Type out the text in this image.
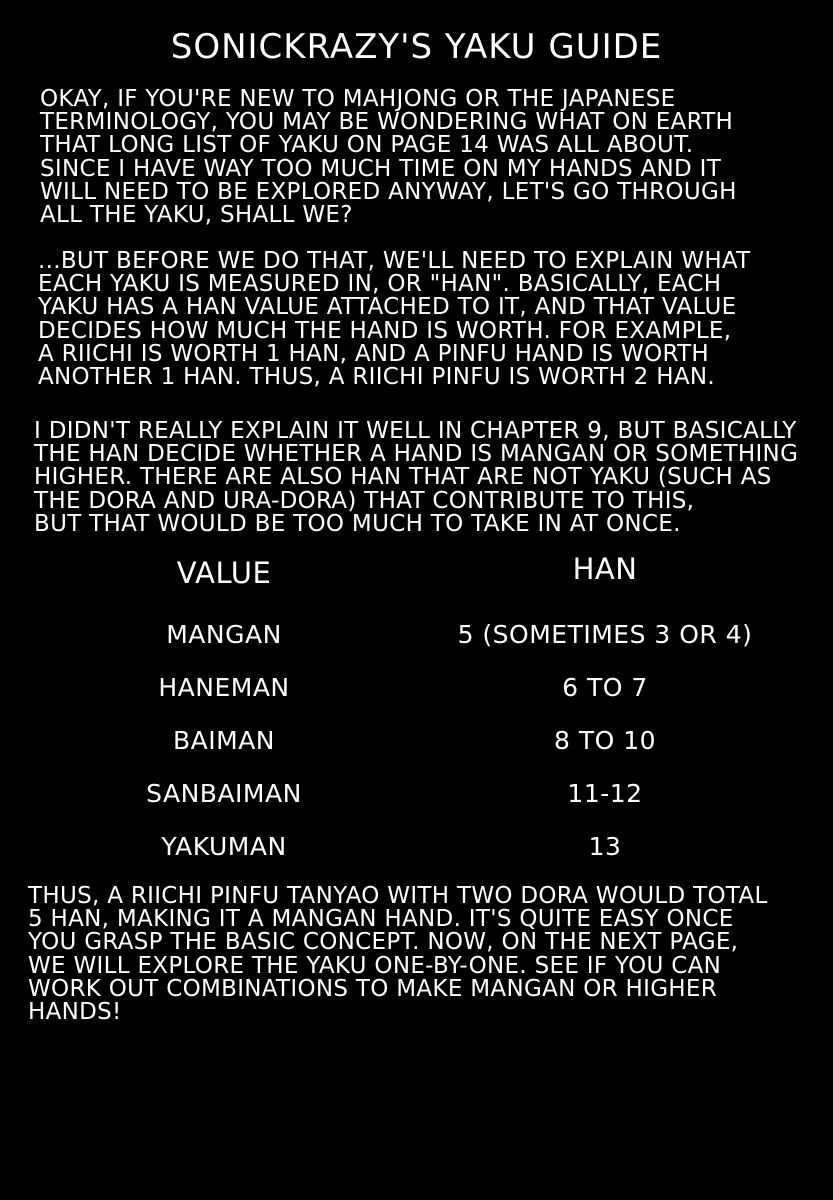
SONICKRAZY'S YAKU GUIDE

OKAY, IF YOU'RE NEW TO MAHJONG OR THE JAPANESE
TERMINOLOGY, YOU MAY BE WONDERING WHAT ON EARTH
THAT LONG LIST OF YAKU ON PAGE 14 WAS ALL ABOUT.
SINCE I HAVE WAY TOO MUCH TIME ON MY HANDS AND IT
WILL NEED TO BE EXPLORED ANYWAY, LET'S GO THROUGH
ALL THE YAKU, SHALL WE?

...BUT BEFORE WE DO THAT, WE'LL NEED TO EXPLAIN WHAT
EACH YAKU IS MEASURED IN, OR "HAN". BASICALLY, EACH
YAKU HAS A HAN VALUE ATTACHED TO IT, AND THAT VALUE
DECIDES HOW MUCH THE HAND IS WORTH. FOR EXAMPLE,
A RIICHI IS WORTH 1 HAN, AND A PINFU HAND IS WORTH
ANOTHER 1 HAN. THUS, A RIICHI PINFU IS WORTH 2 HAN.

I DIDN'T REALLY EXPLAIN IT WELL IN CHAPTER 9, BUT BASICALLY
THE HAN DECIDE WHETHER A HAND IS MANGAN OR SOMETHING
HIGHER. THERE ARE ALSO HAN THAT ARE NOT YAKU (SUCH AS
THE DORA AND URA-DORA) THAT CONTRIBUTE TO THIS,
BUT THAT WOULD BE TOO MUCH TO TAKE IN AT ONCE.

VALUE	HAN
MANGAN	5 (SOMETIMES 3 OR 4)
HANEMAN	6 TO 7
BAIMAN	8 TO 10
SANBAIMAN	11-12
YAKUMAN	13

THUS, A RIICHI PINFU TANYAO WITH TWO DORA WOULD TOTAL
5 HAN, MAKING IT A MANGAN HAND. IT'S QUITE EASY ONCE
YOU GRASP THE BASIC CONCEPT. NOW, ON THE NEXT PAGE,
WE WILL EXPLORE THE YAKU ONE-BY-ONE. SEE IF YOU CAN
WORK OUT COMBINATIONS TO MAKE MANGAN OR HIGHER
HANDS!
